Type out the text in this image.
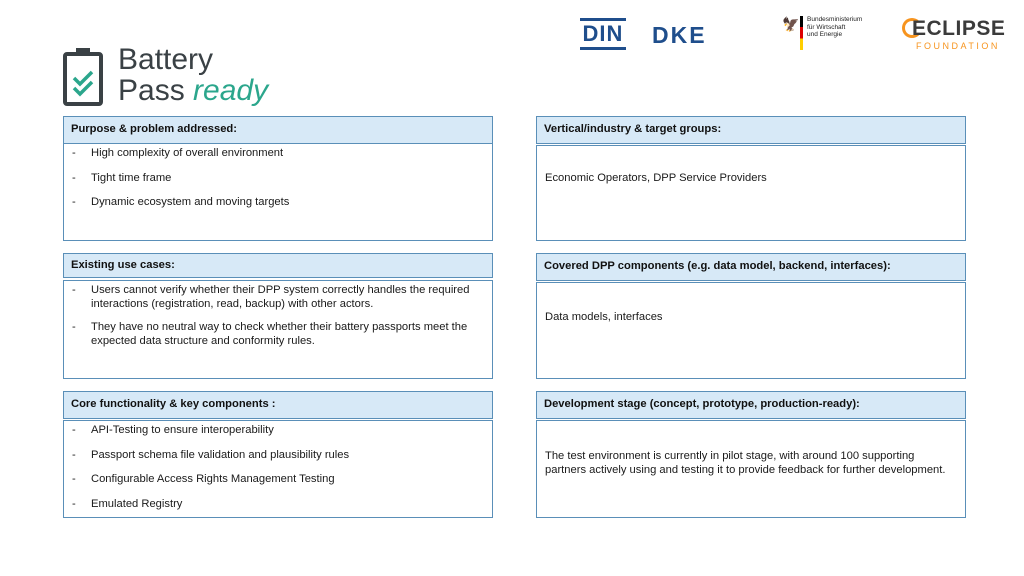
Battery
Pass ready
DIN DKE	🦅 Bundesministerium
für Wirtschaft
und Energie	ECLIPSE
FOUNDATION
Purpose & problem addressed:
- High complexity of overall environment
- Tight time frame
- Dynamic ecosystem and moving targets
Existing use cases:
- Users cannot verify whether their DPP system correctly handles the required interactions (registration, read, backup) with other actors.
- They have no neutral way to check whether their battery passports meet the expected data structure and conformity rules.
Core functionality & key components :
- API-Testing to ensure interoperability
- Passport schema file validation and plausibility rules
- Configurable Access Rights Management Testing
- Emulated Registry
Vertical/industry & target groups:
Economic Operators, DPP Service Providers
Covered DPP components (e.g. data model, backend, interfaces):
Data models, interfaces
Development stage (concept, prototype, production-ready):
The test environment is currently in pilot stage, with around 100 supporting partners actively using and testing it to provide feedback for further development.
